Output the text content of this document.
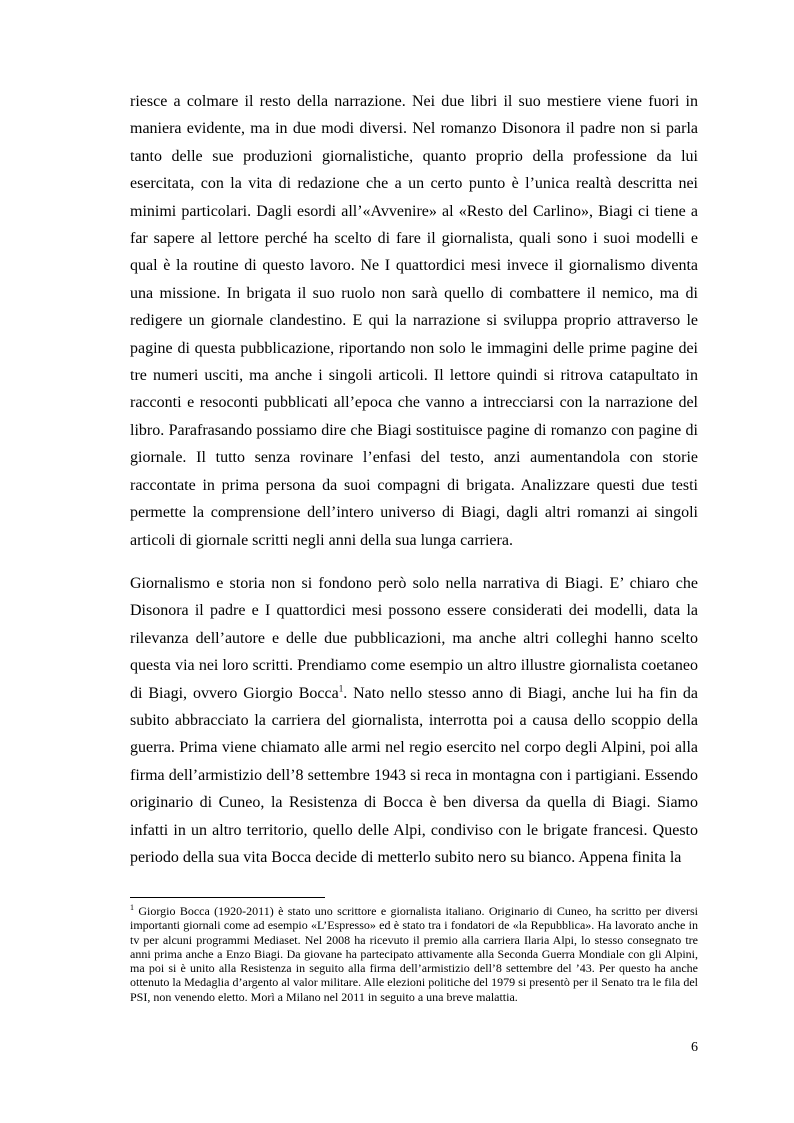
riesce a colmare il resto della narrazione. Nei due libri il suo mestiere viene fuori in maniera evidente, ma in due modi diversi. Nel romanzo Disonora il padre non si parla tanto delle sue produzioni giornalistiche, quanto proprio della professione da lui esercitata, con la vita di redazione che a un certo punto è l’unica realtà descritta nei minimi particolari. Dagli esordi all’«Avvenire» al «Resto del Carlino», Biagi ci tiene a far sapere al lettore perché ha scelto di fare il giornalista, quali sono i suoi modelli e qual è la routine di questo lavoro. Ne I quattordici mesi invece il giornalismo diventa una missione. In brigata il suo ruolo non sarà quello di combattere il nemico, ma di redigere un giornale clandestino. E qui la narrazione si sviluppa proprio attraverso le pagine di questa pubblicazione, riportando non solo le immagini delle prime pagine dei tre numeri usciti, ma anche i singoli articoli. Il lettore quindi si ritrova catapultato in racconti e resoconti pubblicati all’epoca che vanno a intrecciarsi con la narrazione del libro. Parafrasando possiamo dire che Biagi sostituisce pagine di romanzo con pagine di giornale. Il tutto senza rovinare l’enfasi del testo, anzi aumentandola con storie raccontate in prima persona da suoi compagni di brigata. Analizzare questi due testi permette la comprensione dell’intero universo di Biagi, dagli altri romanzi ai singoli articoli di giornale scritti negli anni della sua lunga carriera.

Giornalismo e storia non si fondono però solo nella narrativa di Biagi. E’ chiaro che Disonora il padre e I quattordici mesi possono essere considerati dei modelli, data la rilevanza dell’autore e delle due pubblicazioni, ma anche altri colleghi hanno scelto questa via nei loro scritti. Prendiamo come esempio un altro illustre giornalista coetaneo di Biagi, ovvero Giorgio Bocca$^1$. Nato nello stesso anno di Biagi, anche lui ha fin da subito abbracciato la carriera del giornalista, interrotta poi a causa dello scoppio della guerra. Prima viene chiamato alle armi nel regio esercito nel corpo degli Alpini, poi alla firma dell’armistizio dell’8 settembre 1943 si reca in montagna con i partigiani. Essendo originario di Cuneo, la Resistenza di Bocca è ben diversa da quella di Biagi. Siamo infatti in un altro territorio, quello delle Alpi, condiviso con le brigate francesi. Questo periodo della sua vita Bocca decide di metterlo subito nero su bianco. Appena finita la

$^1$ Giorgio Bocca (1920-2011) è stato uno scrittore e giornalista italiano. Originario di Cuneo, ha scritto per diversi importanti giornali come ad esempio «L’Espresso» ed è stato tra i fondatori de «la Repubblica». Ha lavorato anche in tv per alcuni programmi Mediaset. Nel 2008 ha ricevuto il premio alla carriera Ilaria Alpi, lo stesso consegnato tre anni prima anche a Enzo Biagi. Da giovane ha partecipato attivamente alla Seconda Guerra Mondiale con gli Alpini, ma poi si è unito alla Resistenza in seguito alla firma dell’armistizio dell’8 settembre del ’43. Per questo ha anche ottenuto la Medaglia d’argento al valor militare. Alle elezioni politiche del 1979 si presentò per il Senato tra le fila del PSI, non venendo eletto. Morì a Milano nel 2011 in seguito a una breve malattia.

6
